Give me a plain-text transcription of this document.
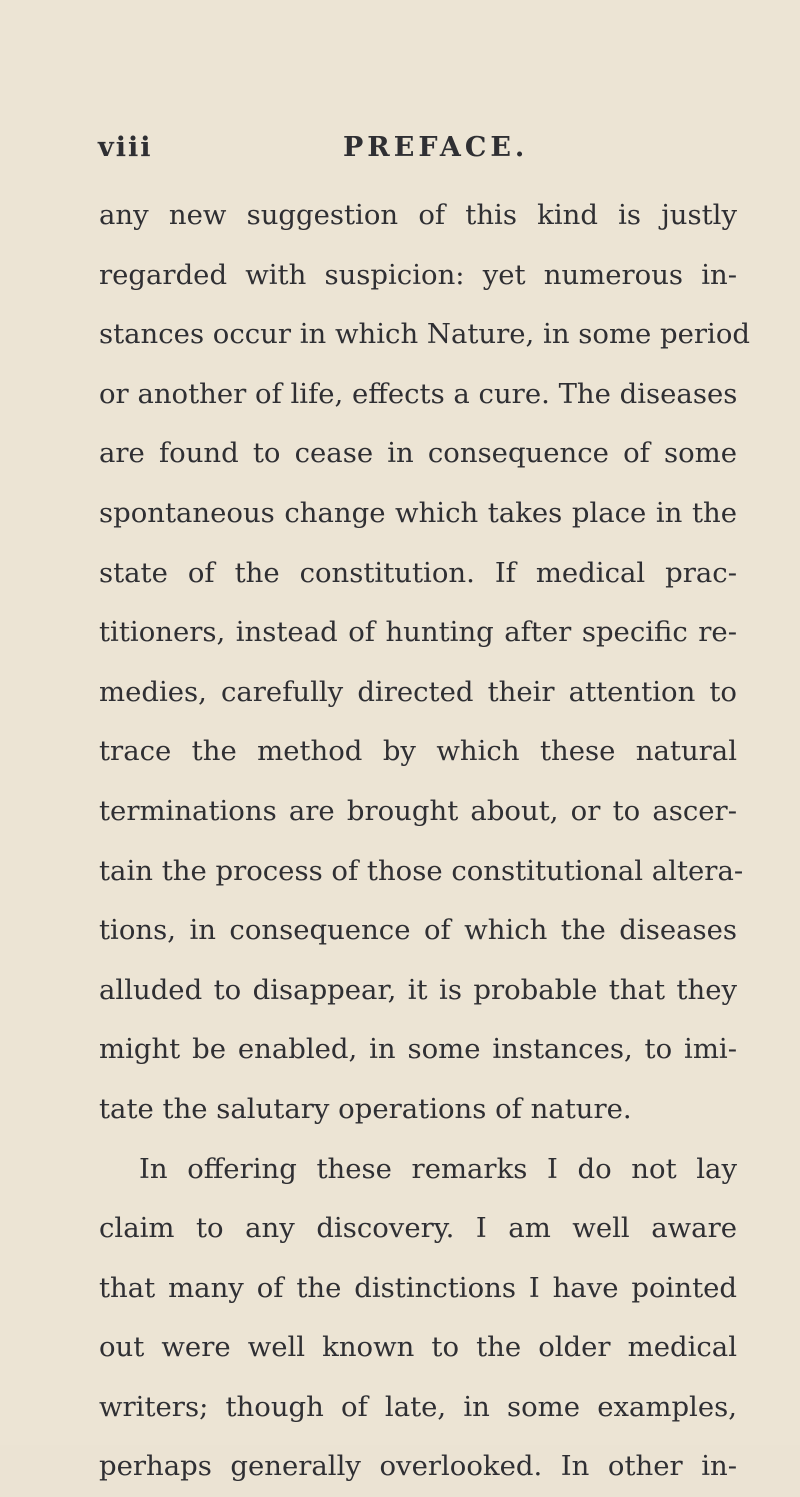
viii	PREFACE.
any new suggestion of this kind is justly
regarded with suspicion: yet numerous in-
stances occur in which Nature, in some period
or another of life, effects a cure. The diseases
are found to cease in consequence of some
spontaneous change which takes place in the
state of the constitution. If medical prac-
titioners, instead of hunting after specific re-
medies, carefully directed their attention to
trace the method by which these natural
terminations are brought about, or to ascer-
tain the process of those constitutional altera-
tions, in consequence of which the diseases
alluded to disappear, it is probable that they
might be enabled, in some instances, to imi-
tate the salutary operations of nature.
In offering these remarks I do not lay
claim to any discovery. I am well aware
that many of the distinctions I have pointed
out were well known to the older medical
writers; though of late, in some examples,
perhaps generally overlooked. In other in-
